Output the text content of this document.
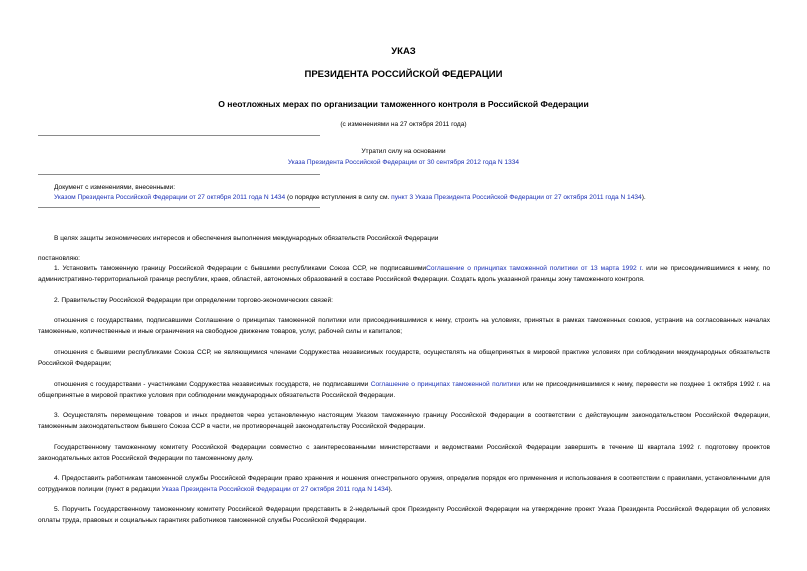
УКАЗ
ПРЕЗИДЕНТА РОССИЙСКОЙ ФЕДЕРАЦИИ
О неотложных мерах по организации таможенного контроля в Российской Федерации
(с изменениями на 27 октября 2011 года)
Утратил силу на основании
Указа Президента Российской Федерации от 30 сентября 2012 года N 1334
Документ с изменениями, внесенными:
Указом Президента Российской Федерации от 27 октября 2011 года N 1434 (о порядке вступления в силу см. пункт 3 Указа Президента Российской Федерации от 27 октября 2011 года N 1434).
В целях защиты экономических интересов и обеспечения выполнения международных обязательств Российской Федерации
постановляю:
1. Установить таможенную границу Российской Федерации с бывшими республиками Союза ССР, не подписавшимиСоглашение о принципах таможенной политики от 13 марта 1992 г. или не присоединившимися к нему, по административно-территориальной границе республик, краев, областей, автономных образований в составе Российской Федерации. Создать вдоль указанной границы зону таможенного контроля.
2. Правительству Российской Федерации при определении торгово-экономических связей:
отношения с государствами, подписавшими Соглашение о принципах таможенной политики или присоединившимися к нему, строить на условиях, принятых в рамках таможенных союзов, устранив на согласованных началах таможенные, количественные и иные ограничения на свободное движение товаров, услуг, рабочей силы и капиталов;
отношения с бывшими республиками Союза ССР, не являющимися членами Содружества независимых государств, осуществлять на общепринятых в мировой практике условиях при соблюдении международных обязательств Российской Федерации;
отношения с государствами - участниками Содружества независимых государств, не подписавшими Соглашение о принципах таможенной политики или не присоединившимися к нему, перевести не позднее 1 октября 1992 г. на общепринятые в мировой практике условия при соблюдении международных обязательств Российской Федерации.
3. Осуществлять перемещение товаров и иных предметов через установленную настоящим Указом таможенную границу Российской Федерации в соответствии с действующим законодательством Российской Федерации, таможенным законодательством бывшего Союза ССР в части, не противоречащей законодательству Российской Федерации.
Государственному таможенному комитету Российской Федерации совместно с заинтересованными министерствами и ведомствами Российской Федерации завершить в течение Ш квартала 1992 г. подготовку проектов законодательных актов Российской Федерации по таможенному делу.
4. Предоставить работникам таможенной службы Российской Федерации право хранения и ношения огнестрельного оружия, определив порядок его применения и использования в соответствии с правилами, установленными для сотрудников полиции (пункт в редакции Указа Президента Российской Федерации от 27 октября 2011 года N 1434).
5. Поручить Государственному таможенному комитету Российской Федерации представить в 2-недельный срок Президенту Российской Федерации на утверждение проект Указа Президента Российской Федерации об условиях оплаты труда, правовых и социальных гарантиях работников таможенной службы Российской Федерации.
